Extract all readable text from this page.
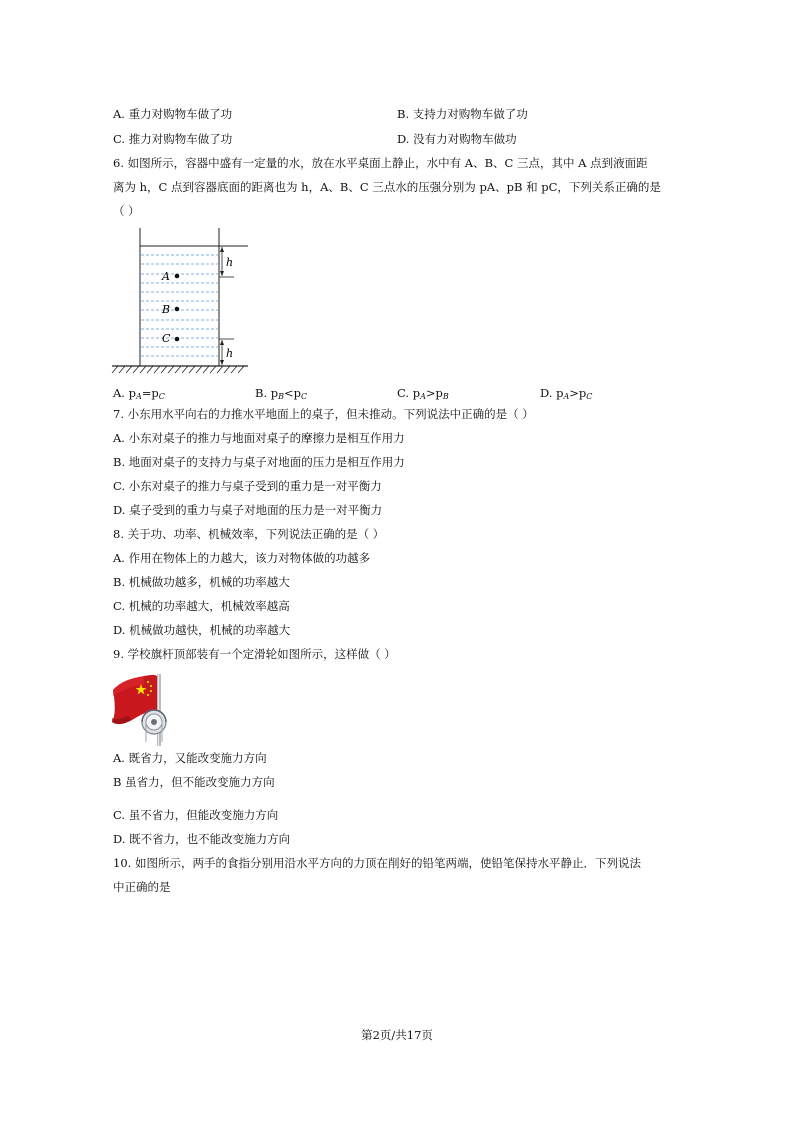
A. 重力对购物车做了功	B. 支持力对购物车做了功
C. 推力对购物车做了功	D. 没有力对购物车做功
6. 如图所示，容器中盛有一定量的水，放在水平桌面上静止，水中有 A、B、C 三点，其中 A 点到液面距
离为 h，C 点到容器底面的距离也为 h，A、B、C 三点水的压强分别为 pA、pB 和 pC，下列关系正确的是
（ ）
A
B
C
h
h
A. $p_A=p_C$	B. $p_B<p_C$	C. $p_A>p_B$	D. $p_A>p_C$
7. 小东用水平向右的力推水平地面上的桌子，但未推动。下列说法中正确的是（ ）
A. 小东对桌子的推力与地面对桌子的摩擦力是相互作用力
B. 地面对桌子的支持力与桌子对地面的压力是相互作用力
C. 小东对桌子的推力与桌子受到的重力是一对平衡力
D. 桌子受到的重力与桌子对地面的压力是一对平衡力
8. 关于功、功率、机械效率，下列说法正确的是（ ）
A. 作用在物体上的力越大，该力对物体做的功越多
B. 机械做功越多，机械的功率越大
C. 机械的功率越大，机械效率越高
D. 机械做功越快，机械的功率越大
9. 学校旗杆顶部装有一个定滑轮如图所示，这样做（ ）
A. 既省力，又能改变施力方向
B 虽省力，但不能改变施力方向
C. 虽不省力，但能改变施力方向
D. 既不省力，也不能改变施力方向
10. 如图所示，两手的食指分别用沿水平方向的力顶在削好的铅笔两端，使铅笔保持水平静止．下列说法
中正确的是
第2页/共17页
